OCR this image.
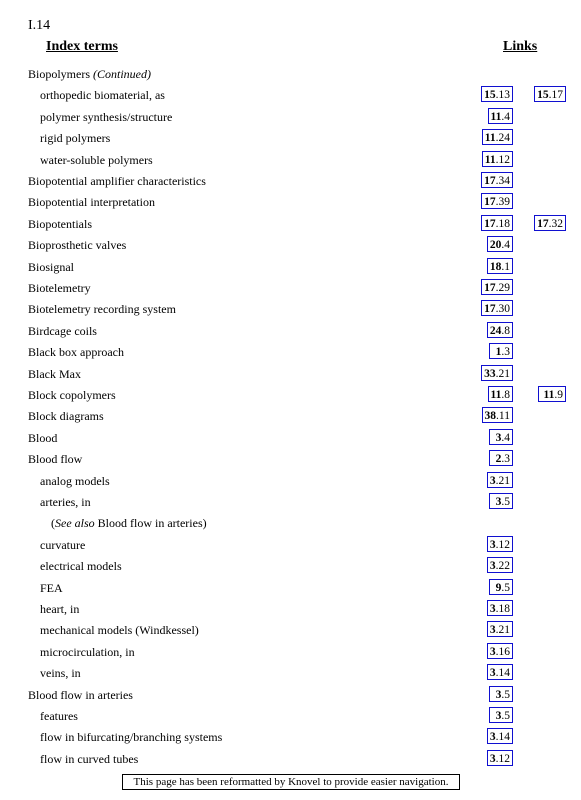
I.14
Index terms	Links
Biopolymers (Continued)
orthopedic biomaterial, as	15.13 15.17
polymer synthesis/structure	11.4
rigid polymers	11.24
water-soluble polymers	11.12
Biopotential amplifier characteristics	17.34
Biopotential interpretation	17.39
Biopotentials	17.18 17.32
Bioprosthetic valves	20.4
Biosignal	18.1
Biotelemetry	17.29
Biotelemetry recording system	17.30
Birdcage coils	24.8
Black box approach	1.3
Black Max	33.21
Block copolymers	11.8	11.9
Block diagrams	38.11
Blood	3.4
Blood flow	2.3
analog models	3.21
arteries, in	3.5
(See also Blood flow in arteries)
curvature	3.12
electrical models	3.22
FEA	9.5
heart, in	3.18
mechanical models (Windkessel)	3.21
microcirculation, in	3.16
veins, in	3.14
Blood flow in arteries	3.5
features	3.5
flow in bifurcating/branching systems	3.14
flow in curved tubes	3.12
This page has been reformatted by Knovel to provide easier navigation.
